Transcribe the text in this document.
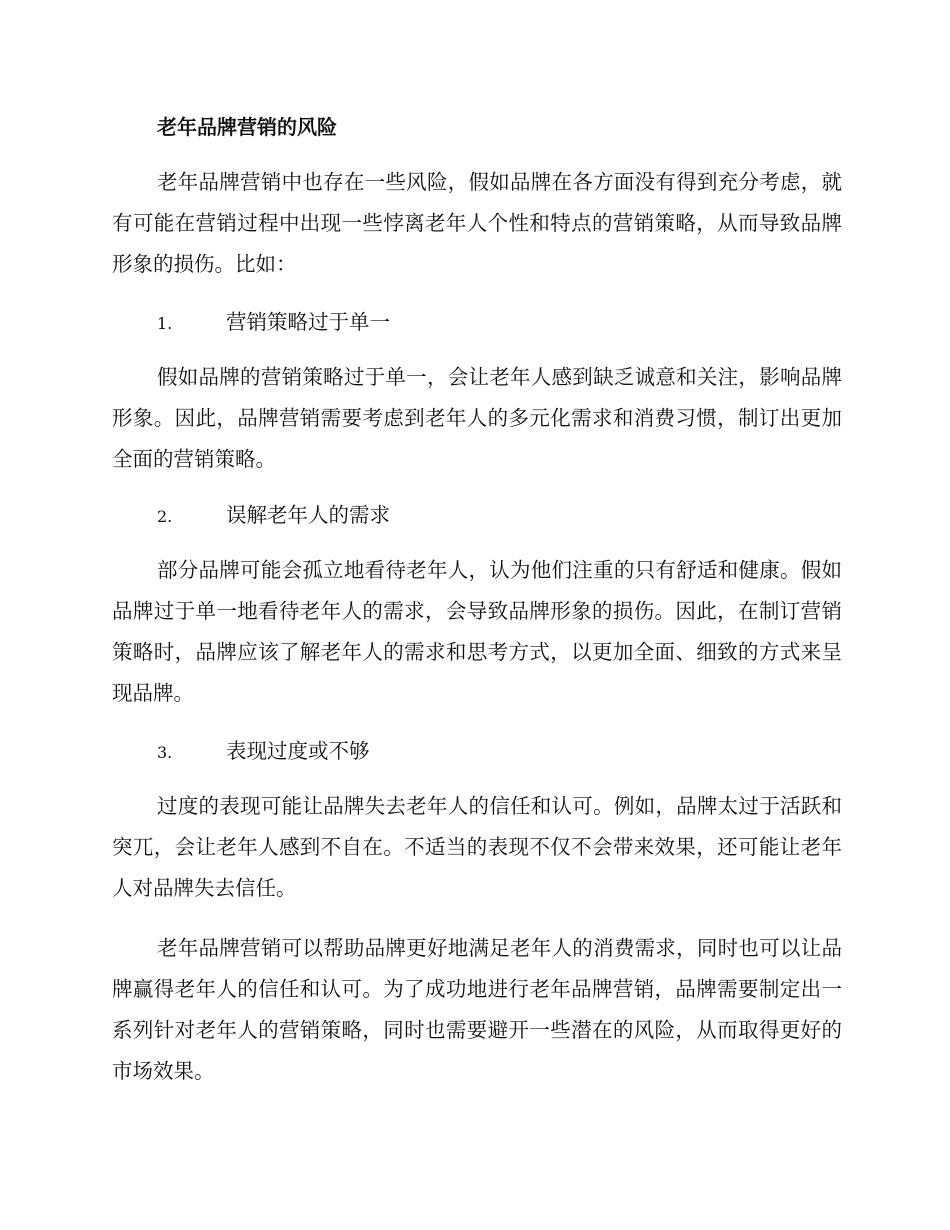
老年品牌营销的风险

老年品牌营销中也存在一些风险，假如品牌在各方面没有得到充分考虑，就有可能在营销过程中出现一些悖离老年人个性和特点的营销策略，从而导致品牌形象的损伤。比如：

1.	营销策略过于单一

假如品牌的营销策略过于单一，会让老年人感到缺乏诚意和关注，影响品牌形象。因此，品牌营销需要考虑到老年人的多元化需求和消费习惯，制订出更加全面的营销策略。

2.	误解老年人的需求

部分品牌可能会孤立地看待老年人，认为他们注重的只有舒适和健康。假如品牌过于单一地看待老年人的需求，会导致品牌形象的损伤。因此，在制订营销策略时，品牌应该了解老年人的需求和思考方式，以更加全面、细致的方式来呈现品牌。

3.	表现过度或不够

过度的表现可能让品牌失去老年人的信任和认可。例如，品牌太过于活跃和突兀，会让老年人感到不自在。不适当的表现不仅不会带来效果，还可能让老年人对品牌失去信任。

老年品牌营销可以帮助品牌更好地满足老年人的消费需求，同时也可以让品牌赢得老年人的信任和认可。为了成功地进行老年品牌营销，品牌需要制定出一系列针对老年人的营销策略，同时也需要避开一些潜在的风险，从而取得更好的市场效果。
